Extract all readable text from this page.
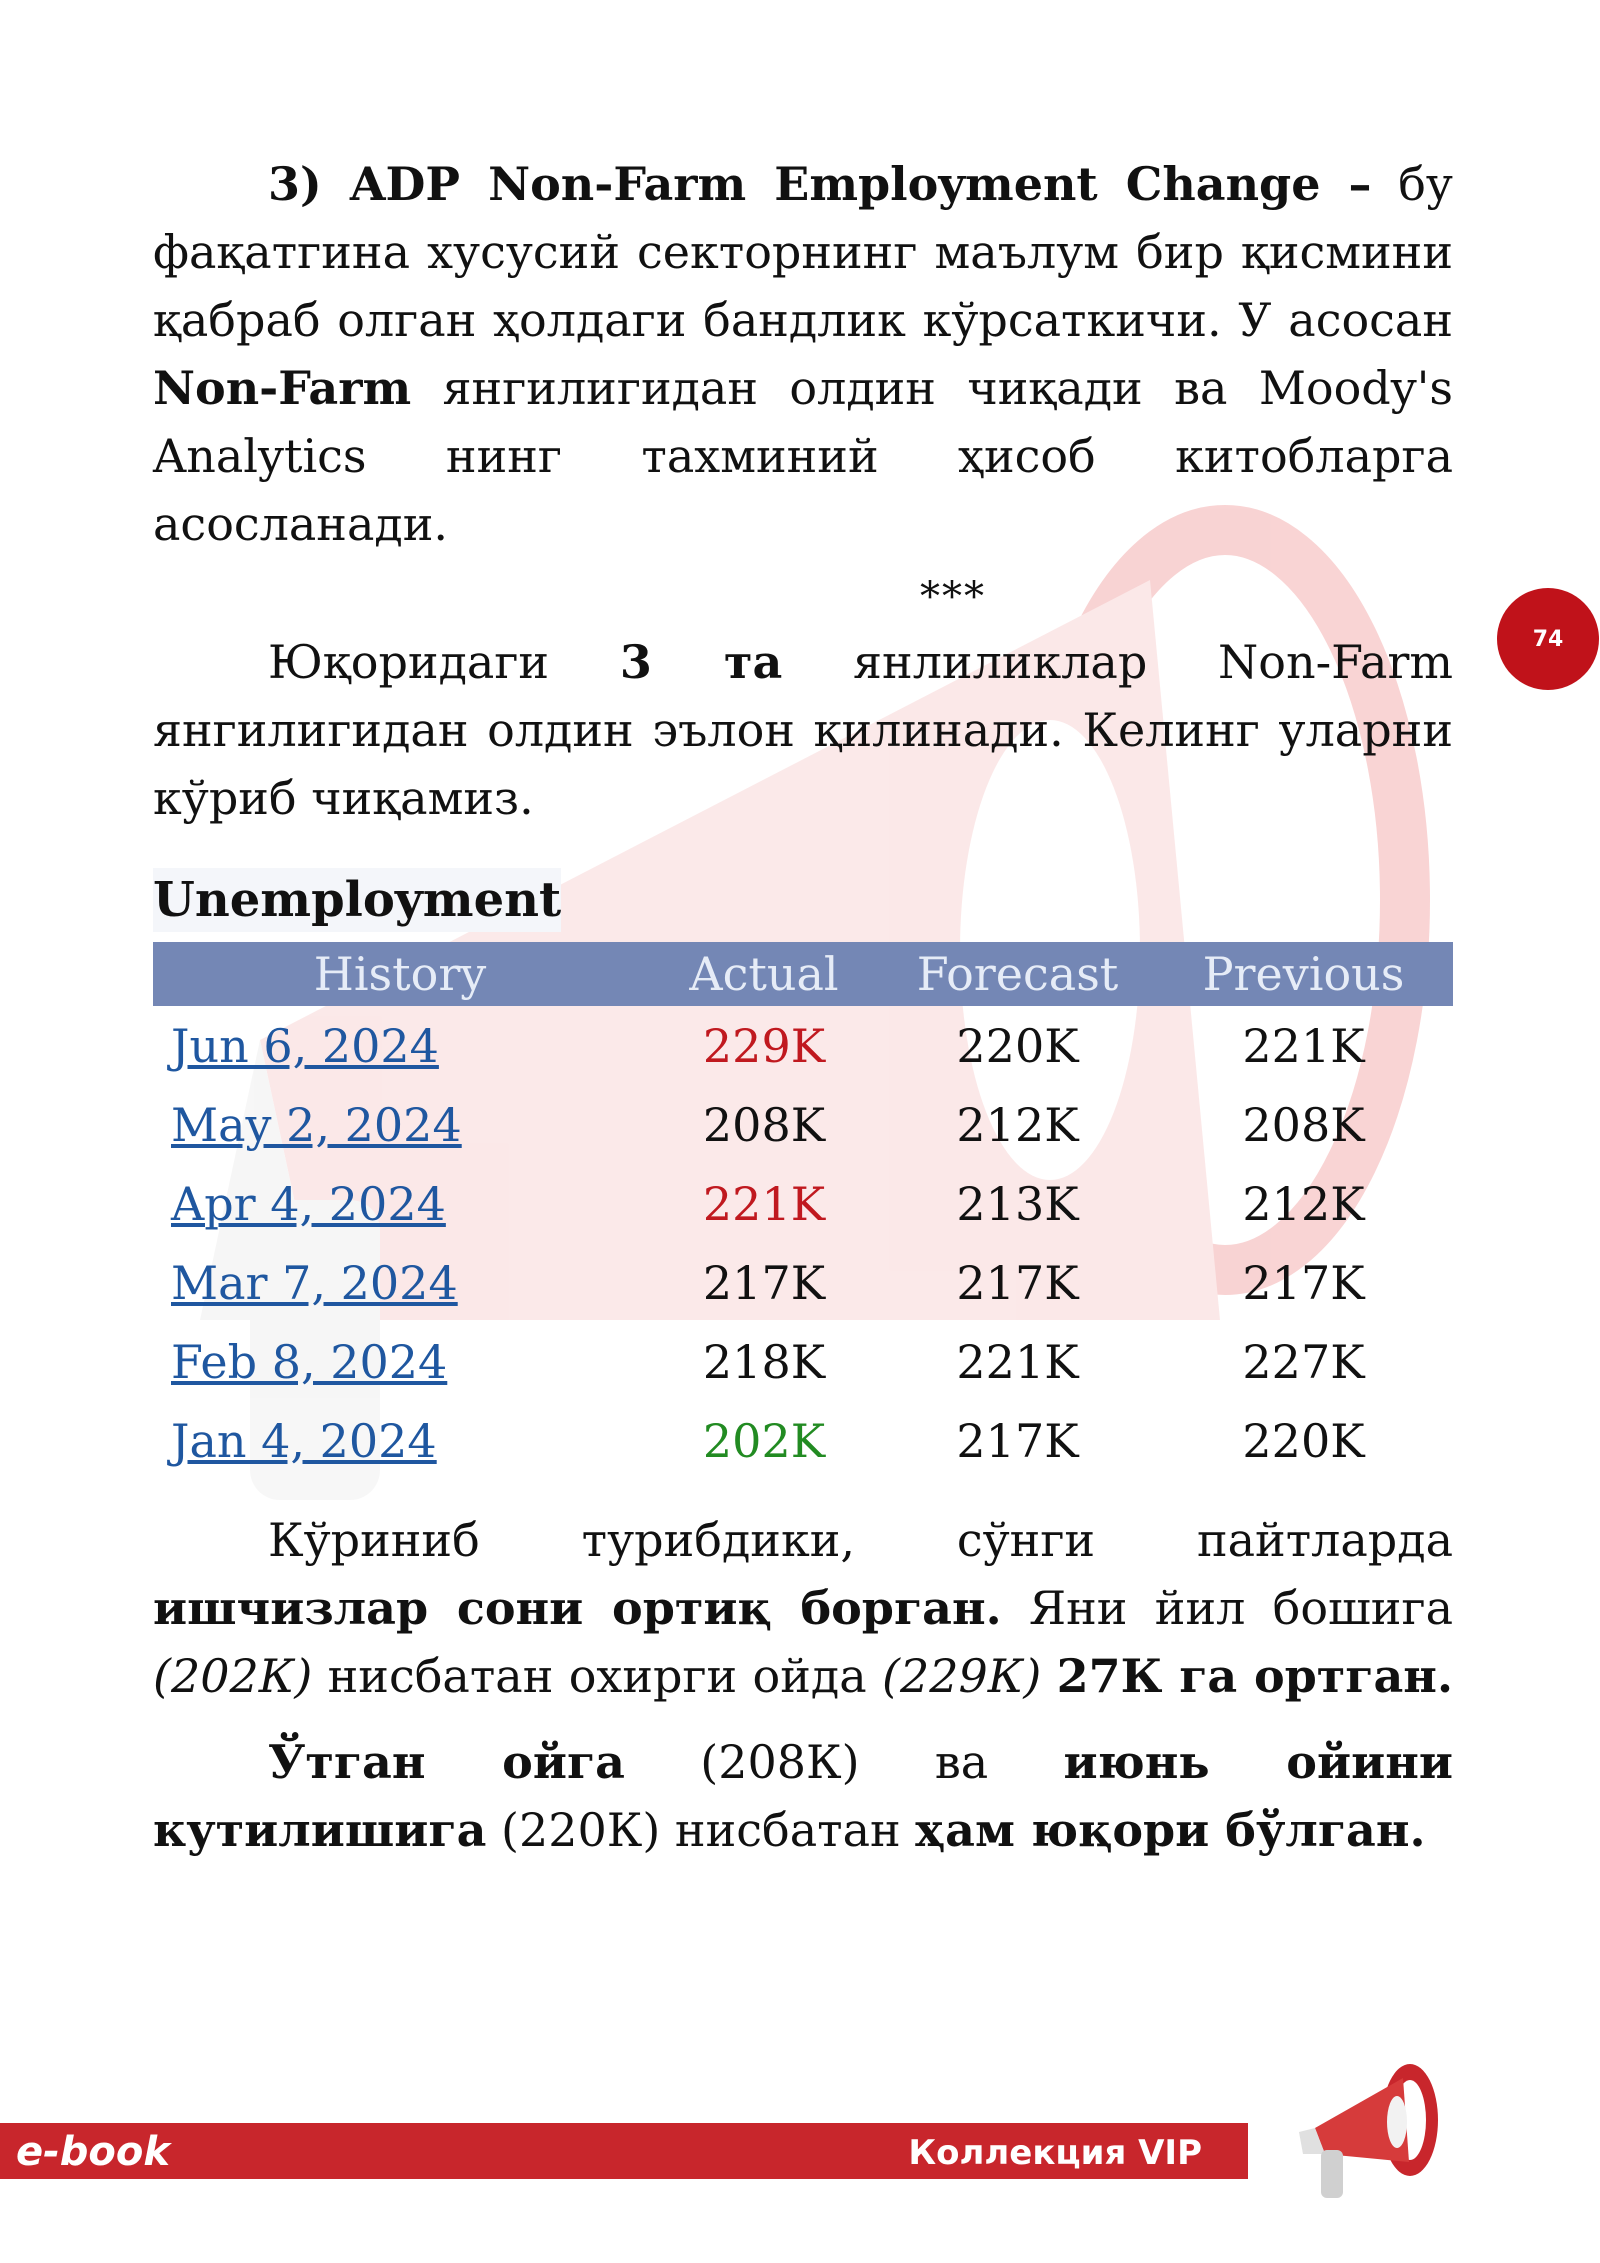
3) ADP Non-Farm Employment Change – бу фақатгина хусусий секторнинг маълум бир қисмини қабраб олган ҳолдаги бандлик кўрсаткичи. У асосан Non-Farm янгилигидан олдин чиқади ва Moody's Analytics нинг тахминий ҳисоб китобларга асосланади.

***

Юқоридаги 3 та янлиликлар Non-Farm янгилигидан олдин эълон қилинади. Келинг уларни кўриб чиқамиз.

Unemployment
History	Actual	Forecast	Previous
Jun 6, 2024	229K	220K	221K
May 2, 2024	208K	212K	208K
Apr 4, 2024	221K	213K	212K
Mar 7, 2024	217K	217K	217K
Feb 8, 2024	218K	221K	227K
Jan 4, 2024	202K	217K	220K

Кўриниб турибдики, сўнги пайтларда ишчизлар сони ортиқ борган. Яни йил бошига (202К) нисбатан охирги ойда (229К) 27К га ортган.

Ўтган ойга (208К) ва июнь ойини кутилишига (220К) нисбатан ҳам юқори бўлган.

74
e-book	Коллекция VIP
